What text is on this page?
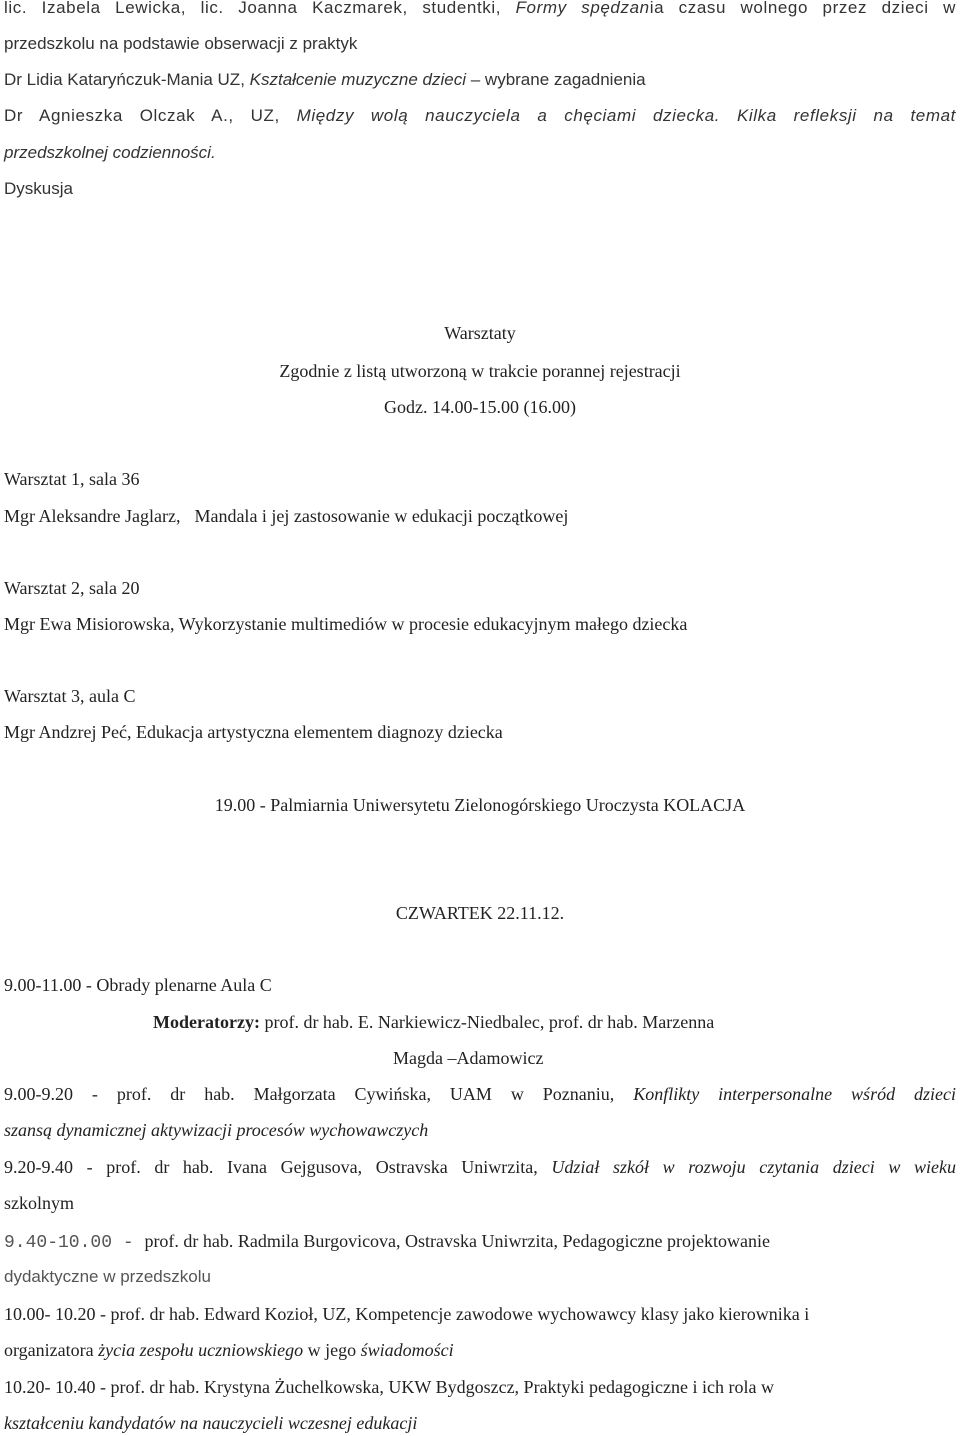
lic. Izabela Lewicka, lic. Joanna Kaczmarek, studentki, Formy spędzania czasu wolnego przez dzieci w
przedszkolu na podstawie obserwacji z praktyk
Dr Lidia Kataryńczuk-Mania UZ, Kształcenie muzyczne dzieci – wybrane zagadnienia
Dr Agnieszka Olczak A., UZ, Między wolą nauczyciela a chęciami dziecka. Kilka refleksji na temat
przedszkolnej codzienności.
Dyskusja
Warsztaty
Zgodnie z listą utworzoną w trakcie porannej rejestracji
Godz. 14.00-15.00 (16.00)
Warsztat 1, sala 36
Mgr Aleksandre Jaglarz, Mandala i jej zastosowanie w edukacji początkowej
Warsztat 2, sala 20
Mgr Ewa Misiorowska, Wykorzystanie multimediów w procesie edukacyjnym małego dziecka
Warsztat 3, aula C
Mgr Andzrej Peć, Edukacja artystyczna elementem diagnozy dziecka
19.00 - Palmiarnia Uniwersytetu Zielonogórskiego Uroczysta KOLACJA
CZWARTEK 22.11.12.
9.00-11.00 - Obrady plenarne Aula C
Moderatorzy: prof. dr hab. E. Narkiewicz-Niedbalec, prof. dr hab. Marzenna
Magda –Adamowicz
9.00-9.20 - prof. dr hab. Małgorzata Cywińska, UAM w Poznaniu, Konflikty interpersonalne wśród dzieci
szansą dynamicznej aktywizacji procesów wychowawczych
9.20-9.40 - prof. dr hab. Ivana Gejgusova, Ostravska Uniwrzita, Udział szkół w rozwoju czytania dzieci w wieku
szkolnym
9.40-10.00 - prof. dr hab. Radmila Burgovicova, Ostravska Uniwrzita, Pedagogiczne projektowanie
dydaktyczne w przedszkolu
10.00- 10.20 - prof. dr hab. Edward Kozioł, UZ, Kompetencje zawodowe wychowawcy klasy jako kierownika i
organizatora życia zespołu uczniowskiego w jego świadomości
10.20- 10.40 - prof. dr hab. Krystyna Żuchelkowska, UKW Bydgoszcz, Praktyki pedagogiczne i ich rola w
kształceniu kandydatów na nauczycieli wczesnej edukacji
